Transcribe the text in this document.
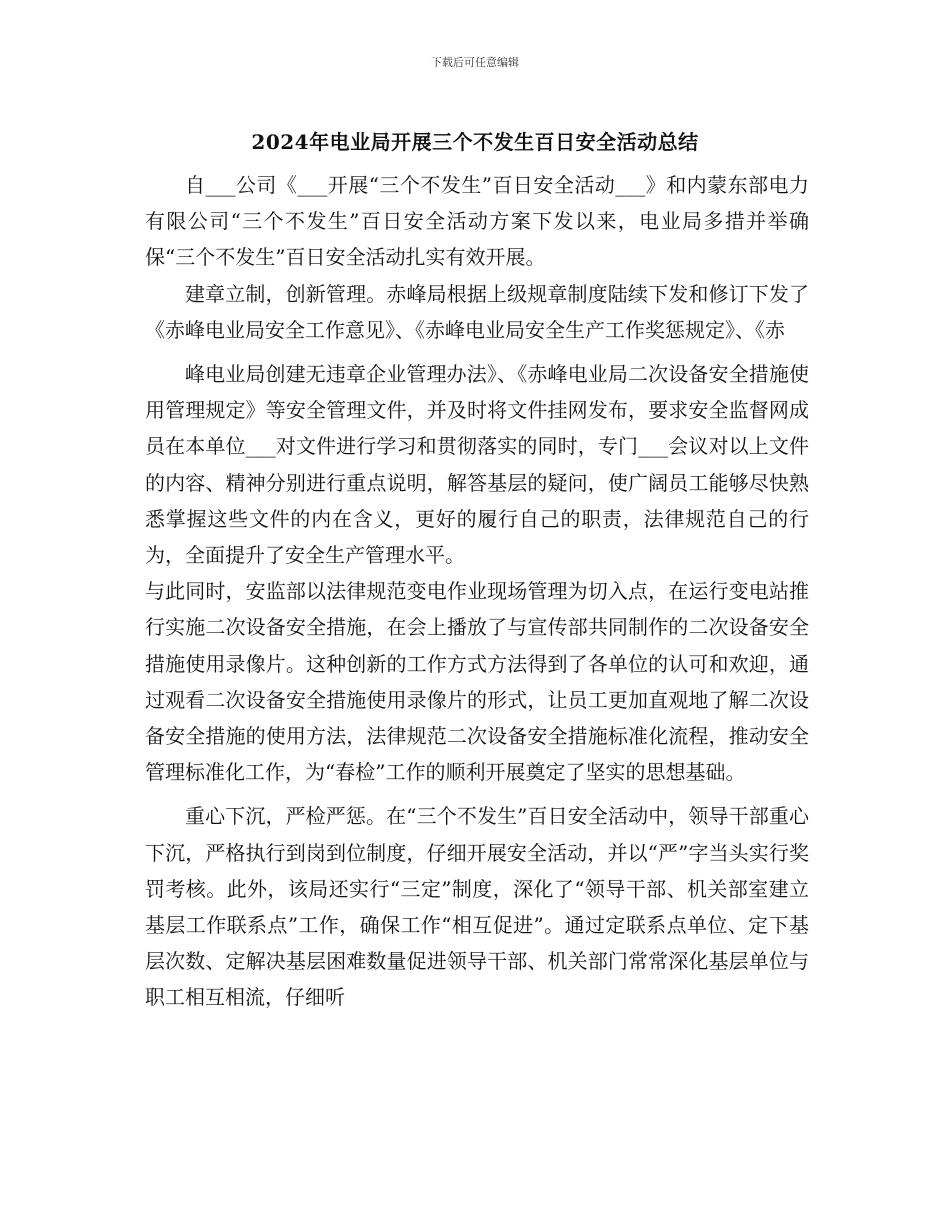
下载后可任意编辑
2024年电业局开展三个不发生百日安全活动总结

自___公司《___开展“三个不发生”百日安全活动___》和内蒙东部电力有限公司“三个不发生”百日安全活动方案下发以来，电业局多措并举确保“三个不发生”百日安全活动扎实有效开展。

建章立制，创新管理。赤峰局根据上级规章制度陆续下发和修订下发了《赤峰电业局安全工作意见》、《赤峰电业局安全生产工作奖惩规定》、《赤

峰电业局创建无违章企业管理办法》、《赤峰电业局二次设备安全措施使用管理规定》等安全管理文件，并及时将文件挂网发布，要求安全监督网成员在本单位___对文件进行学习和贯彻落实的同时，专门___会议对以上文件的内容、精神分别进行重点说明，解答基层的疑问，使广阔员工能够尽快熟悉掌握这些文件的内在含义，更好的履行自己的职责，法律规范自己的行为，全面提升了安全生产管理水平。

与此同时，安监部以法律规范变电作业现场管理为切入点，在运行变电站推行实施二次设备安全措施，在会上播放了与宣传部共同制作的二次设备安全措施使用录像片。这种创新的工作方式方法得到了各单位的认可和欢迎，通过观看二次设备安全措施使用录像片的形式，让员工更加直观地了解二次设备安全措施的使用方法，法律规范二次设备安全措施标准化流程，推动安全管理标准化工作，为“春检”工作的顺利开展奠定了坚实的思想基础。

重心下沉，严检严惩。在“三个不发生”百日安全活动中，领导干部重心下沉，严格执行到岗到位制度，仔细开展安全活动，并以“严”字当头实行奖罚考核。此外，该局还实行“三定”制度，深化了“领导干部、机关部室建立基层工作联系点”工作，确保工作“相互促进”。通过定联系点单位、定下基层次数、定解决基层困难数量促进领导干部、机关部门常常深化基层单位与职工相互相流，仔细听
